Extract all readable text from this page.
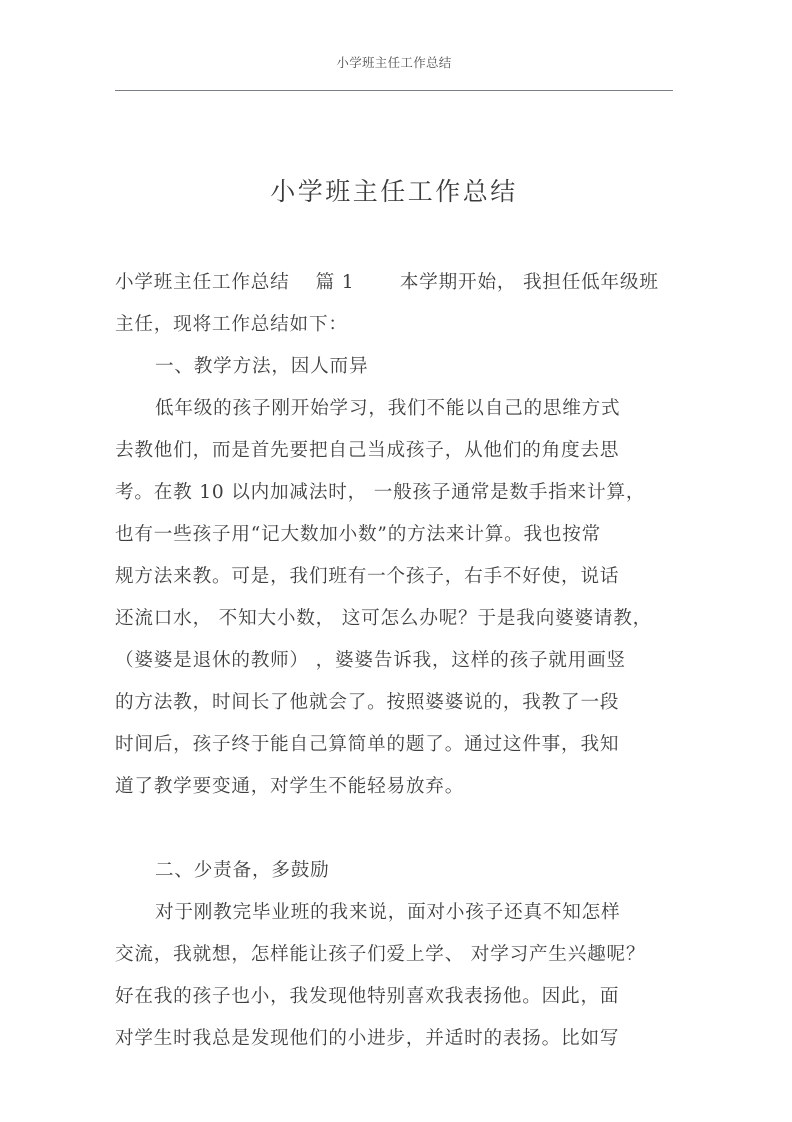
小学班主任工作总结
小学班主任工作总结
小学班主任工作总结　 篇 1　　 本学期开始， 我担任低年级班
主任，现将工作总结如下：
一、教学方法，因人而异
低年级的孩子刚开始学习，我们不能以自己的思维方式
去教他们，而是首先要把自己当成孩子，从他们的角度去思
考。在教 10 以内加减法时， 一般孩子通常是数手指来计算，
也有一些孩子用“记大数加小数”的方法来计算。我也按常
规方法来教。可是，我们班有一个孩子，右手不好使，说话
还流口水， 不知大小数， 这可怎么办呢？于是我向婆婆请教，
（婆婆是退休的教师） ，婆婆告诉我，这样的孩子就用画竖
的方法教，时间长了他就会了。按照婆婆说的，我教了一段
时间后，孩子终于能自己算简单的题了。通过这件事，我知
道了教学要变通，对学生不能轻易放弃。
二、少责备，多鼓励
对于刚教完毕业班的我来说，面对小孩子还真不知怎样
交流，我就想，怎样能让孩子们爱上学、 对学习产生兴趣呢？
好在我的孩子也小，我发现他特别喜欢我表扬他。因此，面
对学生时我总是发现他们的小进步，并适时的表扬。比如写
